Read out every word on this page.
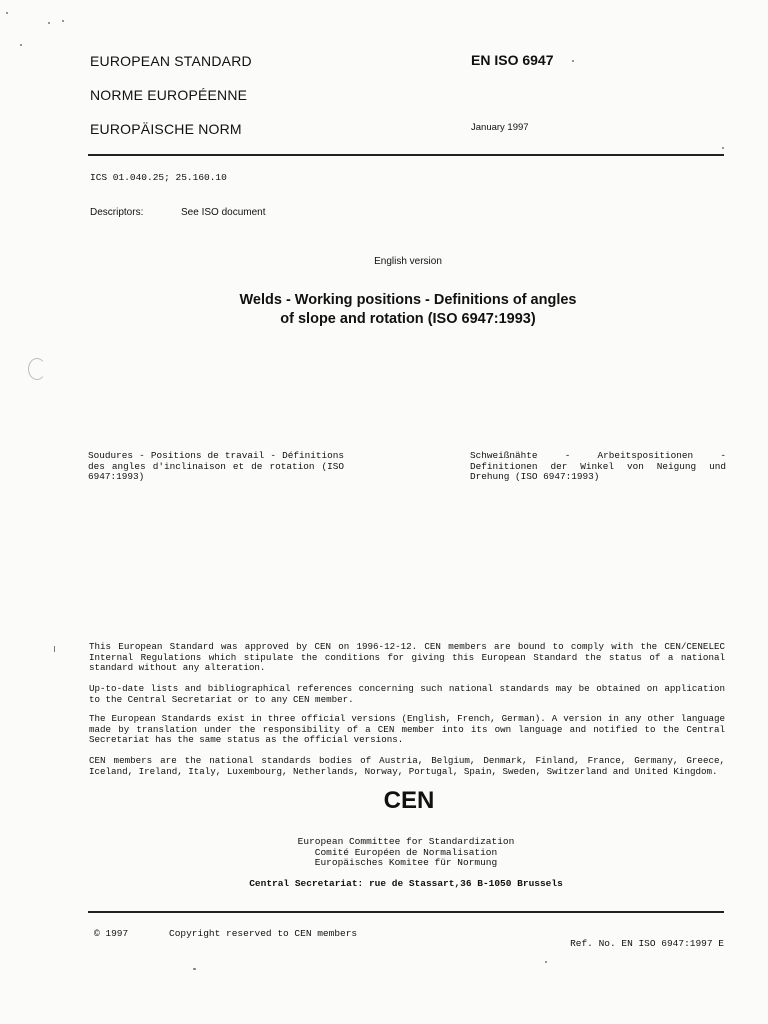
EUROPEAN STANDARD	EN ISO 6947
NORME EUROPÉENNE
EUROPÄISCHE NORM	January 1997
ICS 01.040.25; 25.160.10
Descriptors:	See ISO document
English version
Welds - Working positions - Definitions of angles
of slope and rotation (ISO 6947:1993)
Soudures - Positions de travail - Définitions des angles d'inclinaison et de rotation (ISO 6947:1993)
Schweißnähte - Arbeitspositionen - Definitionen der Winkel von Neigung und Drehung (ISO 6947:1993)
This European Standard was approved by CEN on 1996-12-12. CEN members are bound to comply with the CEN/CENELEC Internal Regulations which stipulate the conditions for giving this European Standard the status of a national standard without any alteration.
Up-to-date lists and bibliographical references concerning such national standards may be obtained on application to the Central Secretariat or to any CEN member.
The European Standards exist in three official versions (English, French, German). A version in any other language made by translation under the responsibility of a CEN member into its own language and notified to the Central Secretariat has the same status as the official versions.
CEN members are the national standards bodies of Austria, Belgium, Denmark, Finland, France, Germany, Greece, Iceland, Ireland, Italy, Luxembourg, Netherlands, Norway, Portugal, Spain, Sweden, Switzerland and United Kingdom.
CEN
European Committee for Standardization
Comité Européen de Normalisation
Europäisches Komitee für Normung
Central Secretariat: rue de Stassart,36 B-1050 Brussels
© 1997	Copyright reserved to CEN members
Ref. No. EN ISO 6947:1997 E
